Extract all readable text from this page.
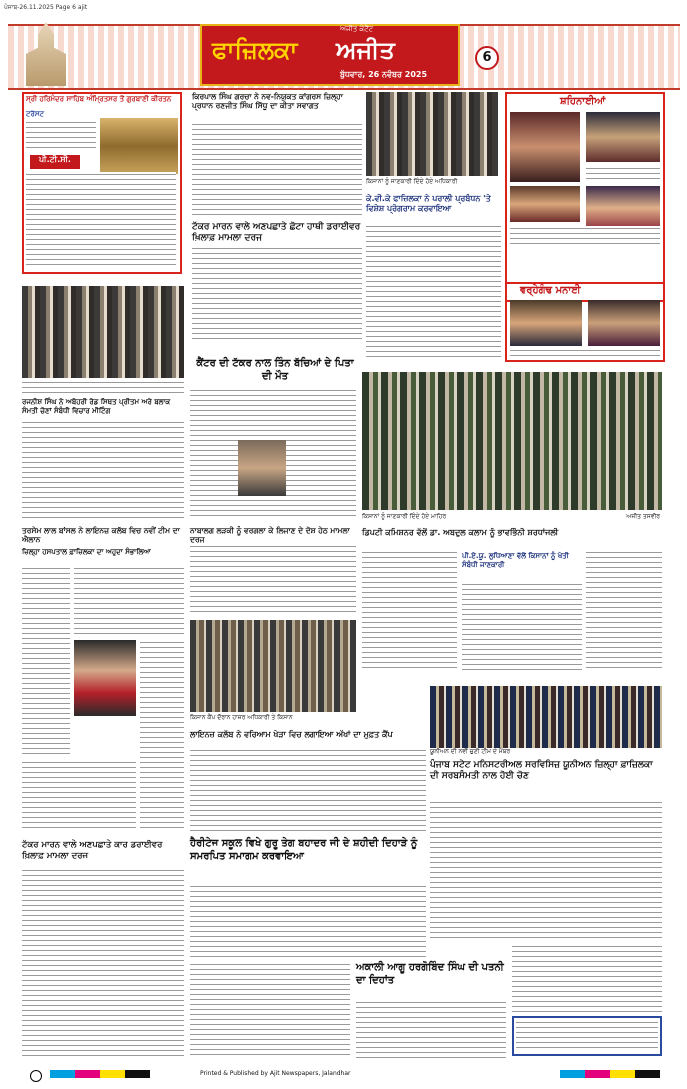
ਪੰਜਾਬ-26.11.2025 Page 6 ajit
ਅਜੀਤ ਕੰਟੈਂਟ
ਫਾਜ਼ਿਲਕਾ	ਅਜੀਤ
ਬੁੱਧਵਾਰ, 26 ਨਵੰਬਰ 2025
6
ਸ੍ਰੀ ਹਰਿਮੰਦਰ ਸਾਹਿਬ ਅੰਮ੍ਰਿਤਸਰ ਤੋਂ ਗੁਰਬਾਣੀ ਕੀਰਤਨ
ਟਰੱਸਟ
ਪੀ.ਟੀ.ਸੀ.
ਕਿਰਪਾਲ ਸਿੰਘ ਗਰਚਾ ਨੇ ਨਵ-ਨਿਯੁਕਤ ਕਾਂਗਰਸ ਜ਼ਿਲ੍ਹਾ ਪ੍ਰਧਾਨ ਰਣਜੀਤ ਸਿੰਘ ਸਿੱਧੂ ਦਾ ਕੀਤਾ ਸਵਾਗਤ
ਕਿਸਾਨਾਂ ਨੂੰ ਜਾਣਕਾਰੀ ਦਿੰਦੇ ਹੋਏ ਅਧਿਕਾਰੀ
ਕੇ.ਵੀ.ਕੇ ਫਾਜ਼ਿਲਕਾ ਨੇ ਪਰਾਲੀ ਪ੍ਰਬੰਧਨ 'ਤੇ ਵਿਸ਼ੇਸ਼ ਪ੍ਰੋਗਰਾਮ ਕਰਵਾਇਆ
ਸ਼ਹਿਨਾਈਆਂ
ਵਰ੍ਹੇਗੰਢ ਮਨਾਈ
ਟੱਕਰ ਮਾਰਨ ਵਾਲੇ ਅਣਪਛਾਤੇ ਛੋਟਾ ਹਾਥੀ ਡਰਾਈਵਰ ਖ਼ਿਲਾਫ਼ ਮਾਮਲਾ ਦਰਜ
ਰਜਨੀਸ਼ ਸਿੰਘ ਨੇ ਅਬੋਹਰੀ ਰੋਡ ਸਿਥਤ ਪ੍ਰੀਤਮ ਅਰੇ ਬਲਾਕ ਸੰਮਤੀ ਚੋਣਾਂ ਸੰਬੰਧੀ ਵਿਚਾਰ ਮੀਟਿੰਗ
ਕੈਂਟਰ ਦੀ ਟੱਕਰ ਨਾਲ ਤਿੰਨ ਬੱਚਿਆਂ ਦੇ ਪਿਤਾ ਦੀ ਮੌਤ
ਕਿਸਾਨਾਂ ਨੂੰ ਜਾਣਕਾਰੀ ਦਿੰਦੇ ਹੋਏ ਮਾਹਿਰ	ਅਜੀਤ ਤਸਵੀਰ
ਡਿਪਟੀ ਕਮਿਸ਼ਨਰ ਵੱਲੋਂ ਡਾ. ਅਬਦੁਲ ਕਲਾਮ ਨੂੰ ਭਾਵਭਿੰਨੀ ਸ਼ਰਧਾਂਜਲੀ
ਪੀ.ਏ.ਯੂ. ਲੁਧਿਆਣਾ ਵੱਲੋਂ ਕਿਸਾਨਾਂ ਨੂੰ ਖੇਤੀ ਸੰਬੰਧੀ ਜਾਣਕਾਰੀ
ਤਰਸੇਮ ਲਾਲ ਬਾਂਸਲ ਨੇ ਲਾਇਨਜ਼ ਕਲੱਬ ਵਿਚ ਨਵੀਂ ਟੀਮ ਦਾ ਐਲਾਨ
ਜ਼ਿਲ੍ਹਾ ਹਸਪਤਾਲ ਫ਼ਾਜ਼ਿਲਕਾ ਦਾ ਅਹੁਦਾ ਸੰਭਾਲਿਆ
ਨਾਬਾਲਗ ਲੜਕੀ ਨੂੰ ਵਰਗਲਾ ਕੇ ਲਿਜਾਣ ਦੇ ਦੋਸ਼ ਹੇਠ ਮਾਮਲਾ ਦਰਜ
ਕਿਸਾਨ ਕੈਂਪ ਦੌਰਾਨ ਹਾਜ਼ਰ ਅਧਿਕਾਰੀ ਤੇ ਕਿਸਾਨ
ਲਾਇਨਜ਼ ਕਲੱਬ ਨੇ ਵਰਿਆਮ ਖੇੜਾ ਵਿਚ ਲਗਾਇਆ ਅੱਖਾਂ ਦਾ ਮੁਫ਼ਤ ਕੈਂਪ
ਯੂਨੀਅਨ ਦੀ ਨਵੀਂ ਚੁਣੀ ਟੀਮ ਦੇ ਮੈਂਬਰ
ਪੰਜਾਬ ਸਟੇਟ ਮਨਿਸਟਰੀਅਲ ਸਰਵਿਸਿਜ਼ ਯੂਨੀਅਨ ਜ਼ਿਲ੍ਹਾ ਫ਼ਾਜ਼ਿਲਕਾ ਦੀ ਸਰਬਸੰਮਤੀ ਨਾਲ ਹੋਈ ਚੋਣ
ਹੈਰੀਟੇਜ ਸਕੂਲ ਵਿਖੇ ਗੁਰੂ ਤੇਗ ਬਹਾਦਰ ਜੀ ਦੇ ਸ਼ਹੀਦੀ ਦਿਹਾੜੇ ਨੂੰ ਸਮਰਪਿਤ ਸਮਾਗਮ ਕਰਵਾਇਆ
ਟੱਕਰ ਮਾਰਨ ਵਾਲੇ ਅਣਪਛਾਤੇ ਕਾਰ ਡਰਾਈਵਰ ਖ਼ਿਲਾਫ਼ ਮਾਮਲਾ ਦਰਜ
ਅਕਾਲੀ ਆਗੂ ਹਰਗੋਬਿੰਦ ਸਿੰਘ ਦੀ ਪਤਨੀ ਦਾ ਦਿਹਾਂਤ
Printed & Published by Ajit Newspapers, Jalandhar
